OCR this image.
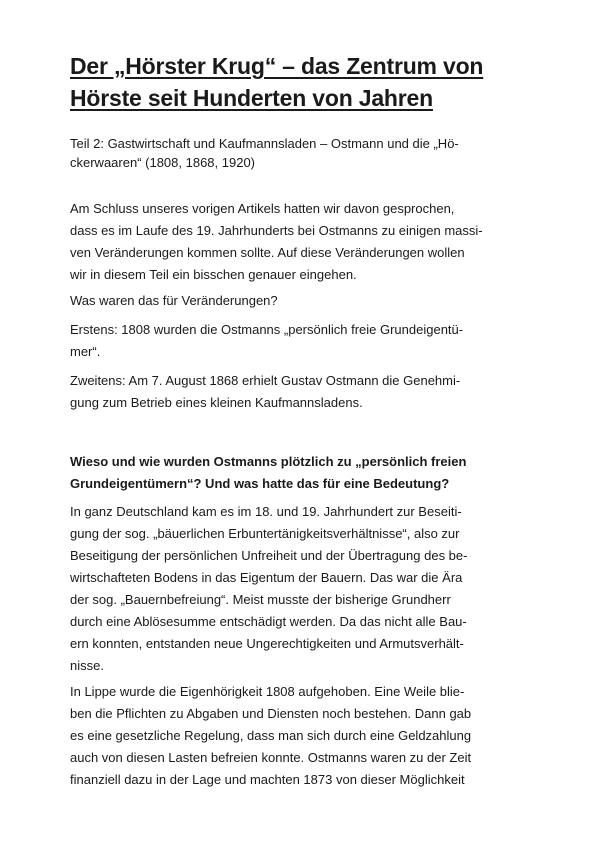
Der „Hörster Krug“ – das Zentrum von
Hörste seit Hunderten von Jahren
Teil 2: Gastwirtschaft und Kaufmannsladen – Ostmann und die „Hö-
ckerwaaren“ (1808, 1868, 1920)

Am Schluss unseres vorigen Artikels hatten wir davon gesprochen,
dass es im Laufe des 19. Jahrhunderts bei Ostmanns zu einigen massi-
ven Veränderungen kommen sollte. Auf diese Veränderungen wollen
wir in diesem Teil ein bisschen genauer eingehen.

Was waren das für Veränderungen?

Erstens: 1808 wurden die Ostmanns „persönlich freie Grundeigentü-
mer“.

Zweitens: Am 7. August 1868 erhielt Gustav Ostmann die Genehmi-
gung zum Betrieb eines kleinen Kaufmannsladens.

Wieso und wie wurden Ostmanns plötzlich zu „persönlich freien
Grundeigentümern“? Und was hatte das für eine Bedeutung?

In ganz Deutschland kam es im 18. und 19. Jahrhundert zur Beseiti-
gung der sog. „bäuerlichen Erbuntertänigkeitsverhältnisse“, also zur
Beseitigung der persönlichen Unfreiheit und der Übertragung des be-
wirtschafteten Bodens in das Eigentum der Bauern. Das war die Ära
der sog. „Bauernbefreiung“. Meist musste der bisherige Grundherr
durch eine Ablösesumme entschädigt werden. Da das nicht alle Bau-
ern konnten, entstanden neue Ungerechtigkeiten und Armutsverhält-
nisse.

In Lippe wurde die Eigenhörigkeit 1808 aufgehoben. Eine Weile blie-
ben die Pflichten zu Abgaben und Diensten noch bestehen. Dann gab
es eine gesetzliche Regelung, dass man sich durch eine Geldzahlung
auch von diesen Lasten befreien konnte. Ostmanns waren zu der Zeit
finanziell dazu in der Lage und machten 1873 von dieser Möglichkeit
